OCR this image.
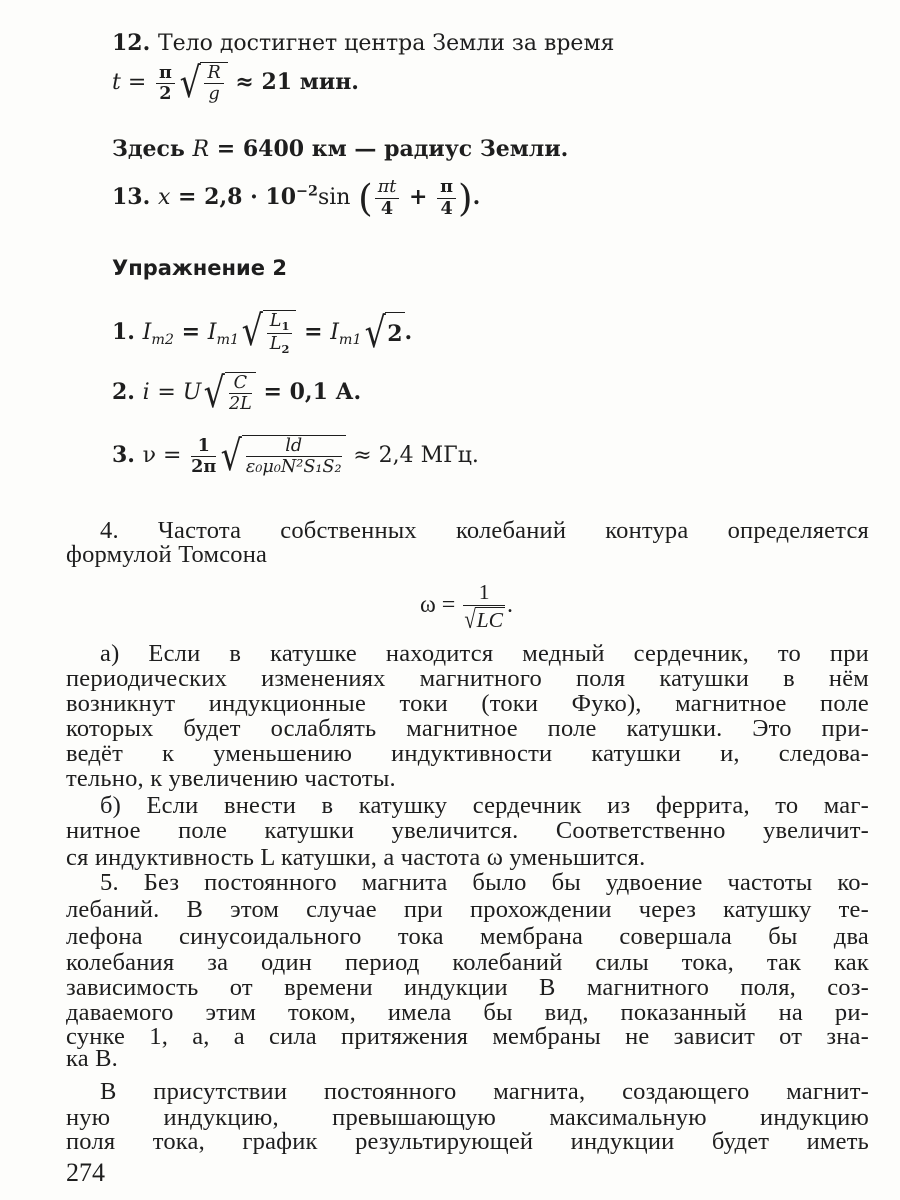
12. Тело достигнет центра Земли за время
$t = \frac{\pi}{2}$ √ $\frac{R}{g} \approx 21$ мин.
Здесь R = 6400 км — радиус Земли.
13. $x = 2,8 \cdot 10^{-2}\sin$ ( $\frac{\pi t}{4} + \frac{\pi}{4}$ ).
Упражнение 2
1. $I_{m2} = I_{m1}$ √ $\frac{L_1}{L_2} = I_{m1}$ √ 2 .
2. i = U √ $\frac{C}{2L} = 0,1$ А.
3. $\nu = \frac{1}{2\pi}$ √ $\frac{ld}{\text{ε₀μ₀N²S₁S₂}} \approx 2,4$ МГц.
4. Частота собственных колебаний контура определяется
формулой Томсона
$\omega = \frac{1}{√ LC}$ .
а) Если в катушке находится медный сердечник, то при
периодических изменениях магнитного поля катушки в нём
возникнут индукционные токи (токи Фуко), магнитное поле
которых будет ослаблять магнитное поле катушки. Это при-
ведёт к уменьшению индуктивности катушки и, следова-
тельно, к увеличению частоты.
б) Если внести в катушку сердечник из феррита, то маг-
нитное поле катушки увеличится. Соответственно увеличит-
ся индуктивность L катушки, а частота ω уменьшится.
5. Без постоянного магнита было бы удвоение частоты ко-
лебаний. В этом случае при прохождении через катушку те-
лефона синусоидального тока мембрана совершала бы два
колебания за один период колебаний силы тока, так как
зависимость от времени индукции B магнитного поля, соз-
даваемого этим током, имела бы вид, показанный на ри-
сунке 1, a, а сила притяжения мембраны не зависит от зна-
ка B.
В присутствии постоянного магнита, создающего магнит-
ную индукцию, превышающую максимальную индукцию
поля тока, график результирующей индукции будет иметь
274
